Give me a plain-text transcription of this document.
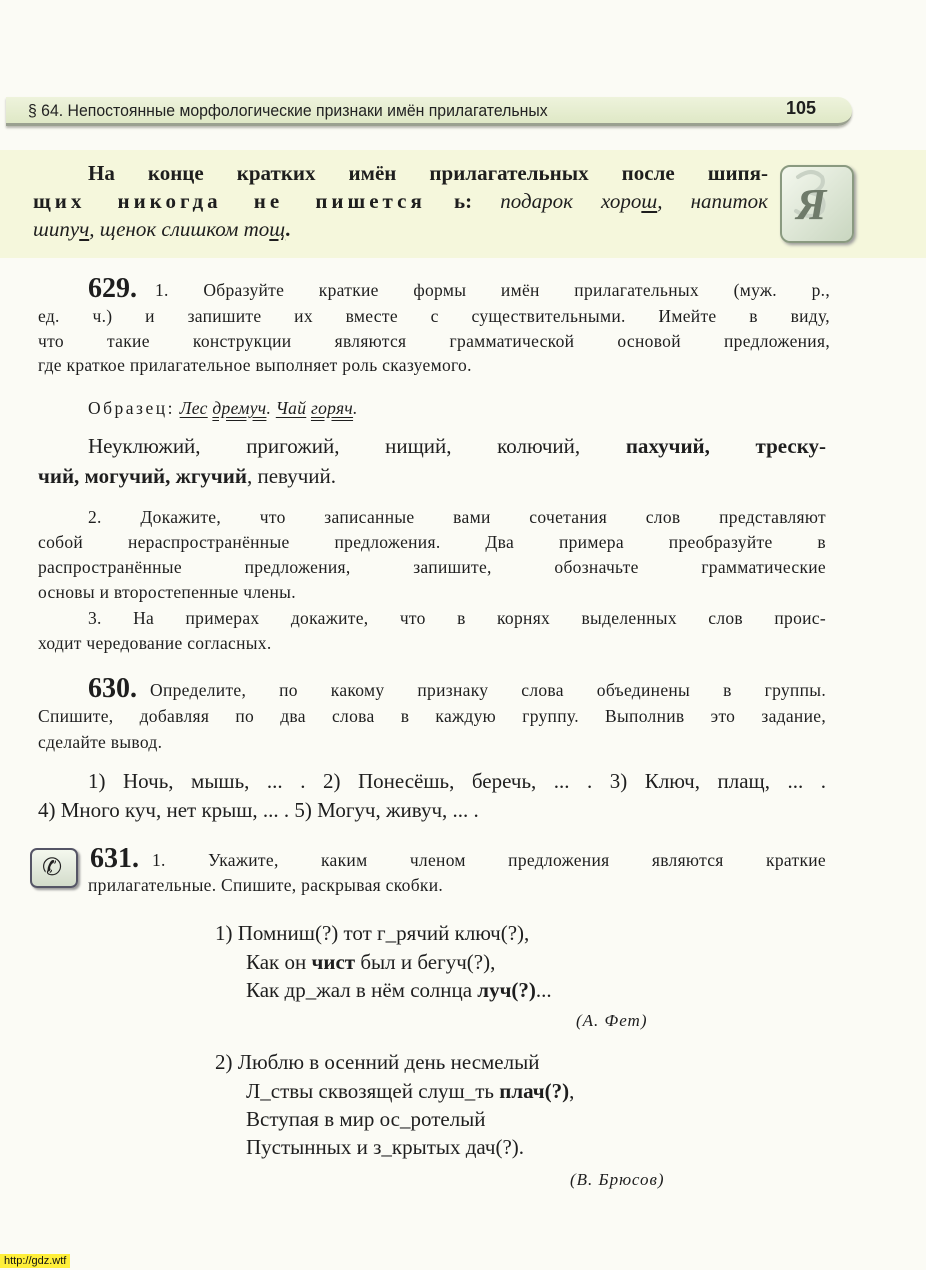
§ 64. Непостоянные морфологические признаки имён прилагательных	105
Я
На конце кратких имён прилагательных после шипя-
щих никогда не пишется ь: подарок хорош, напиток
шипуч, щенок слишком тощ.
629. 1. Образуйте краткие формы имён прилагательных (муж. р.,
ед. ч.) и запишите их вместе с существительными. Имейте в виду,
что такие конструкции являются грамматической основой предложения,
где краткое прилагательное выполняет роль сказуемого.
Образец: Лес дремуч. Чай горяч.
Неуклюжий, пригожий, нищий, колючий, пахучий, треску-
чий, могучий, жгучий, певучий.
2. Докажите, что записанные вами сочетания слов представляют
собой нераспространённые предложения. Два примера преобразуйте в
распространённые предложения, запишите, обозначьте грамматические
основы и второстепенные члены.
3. На примерах докажите, что в корнях выделенных слов проис-
ходит чередование согласных.
630. Определите, по какому признаку слова объединены в группы.
Спишите, добавляя по два слова в каждую группу. Выполнив это задание,
сделайте вывод.
1) Ночь, мышь, ... . 2) Понесёшь, беречь, ... . 3) Ключ, плащ, ... .
4) Много куч, нет крыш, ... . 5) Могуч, живуч, ... .
✆ 631. 1. Укажите, каким членом предложения являются краткие
прилагательные. Спишите, раскрывая скобки.
1) Помниш(?) тот г_рячий ключ(?),
Как он чист был и бегуч(?),
Как др_жал в нём солнца луч(?)...
(А. Фет)
2) Люблю в осенний день несмелый
Л_ствы сквозящей слуш_ть плач(?),
Вступая в мир ос_ротелый
Пустынных и з_крытых дач(?).
(В. Брюсов)
http://gdz.wtf
